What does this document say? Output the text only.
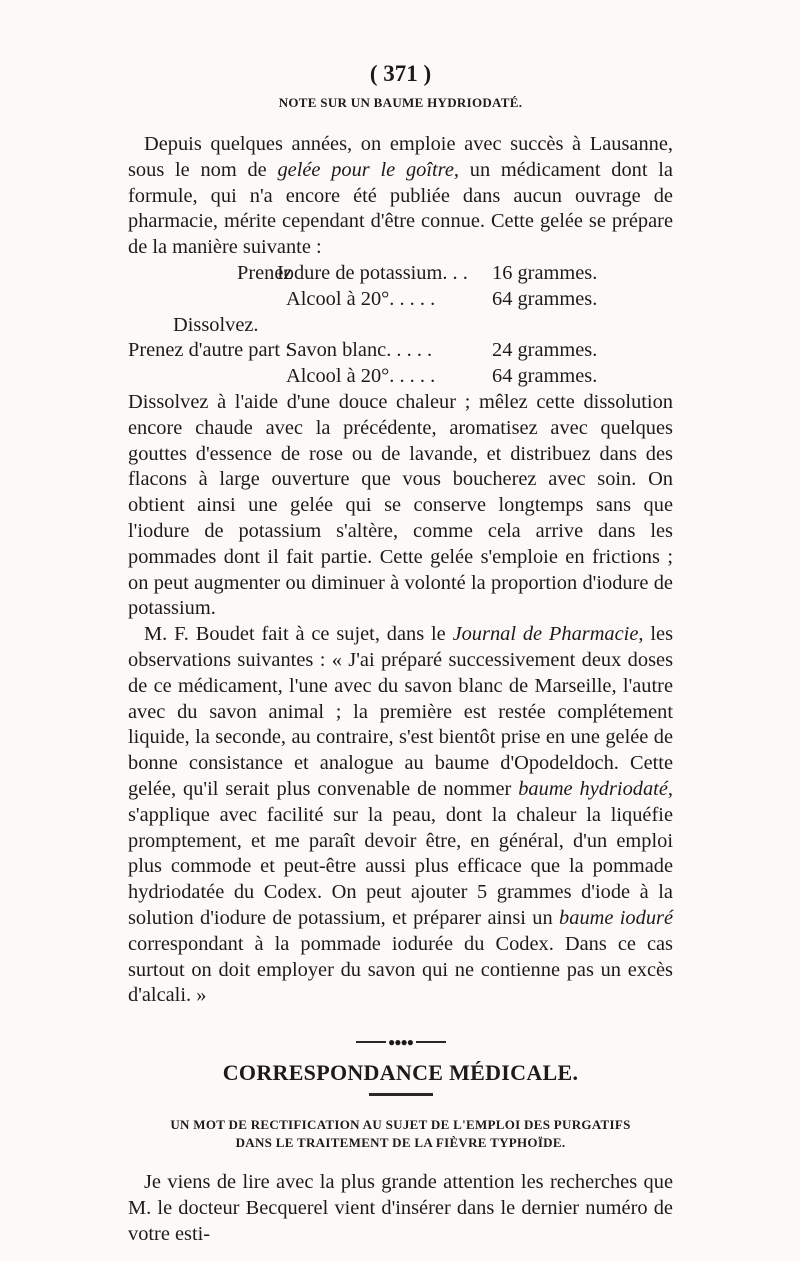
( 371 )
NOTE SUR UN BAUME HYDRIODATÉ.

Depuis quelques années, on emploie avec succès à Lausanne, sous le nom de gelée pour le goître, un médicament dont la formule, qui n'a encore été publiée dans aucun ouvrage de pharmacie, mérite cependant d'être connue. Cette gelée se prépare de la manière suivante :

Prenez
Iodure de potassium. . .	16 grammes.
Alcool à 20°. . . . .	64 grammes.
Dissolvez.
Prenez d'autre part :
Savon blanc. . . . .	24 grammes.
Alcool à 20°. . . . .	64 grammes.

Dissolvez à l'aide d'une douce chaleur ; mêlez cette dissolution encore chaude avec la précédente, aromatisez avec quelques gouttes d'essence de rose ou de lavande, et distribuez dans des flacons à large ouverture que vous boucherez avec soin. On obtient ainsi une gelée qui se conserve longtemps sans que l'iodure de potassium s'altère, comme cela arrive dans les pommades dont il fait partie. Cette gelée s'emploie en frictions ; on peut augmenter ou diminuer à volonté la proportion d'iodure de potassium.

M. F. Boudet fait à ce sujet, dans le Journal de Pharmacie, les observations suivantes : « J'ai préparé successivement deux doses de ce médicament, l'une avec du savon blanc de Marseille, l'autre avec du savon animal ; la première est restée complétement liquide, la seconde, au contraire, s'est bientôt prise en une gelée de bonne consistance et analogue au baume d'Opodeldoch. Cette gelée, qu'il serait plus convenable de nommer baume hydriodaté, s'applique avec facilité sur la peau, dont la chaleur la liquéfie promptement, et me paraît devoir être, en général, d'un emploi plus commode et peut-être aussi plus efficace que la pommade hydriodatée du Codex. On peut ajouter 5 grammes d'iode à la solution d'iodure de potassium, et préparer ainsi un baume ioduré correspondant à la pommade iodurée du Codex. Dans ce cas surtout on doit employer du savon qui ne contienne pas un excès d'alcali. »

●●●●
CORRESPONDANCE MÉDICALE.
UN MOT DE RECTIFICATION AU SUJET DE L'EMPLOI DES PURGATIFS
DANS LE TRAITEMENT DE LA FIÈVRE TYPHOÏDE.

Je viens de lire avec la plus grande attention les recherches que M. le docteur Becquerel vient d'insérer dans le dernier numéro de votre esti-
